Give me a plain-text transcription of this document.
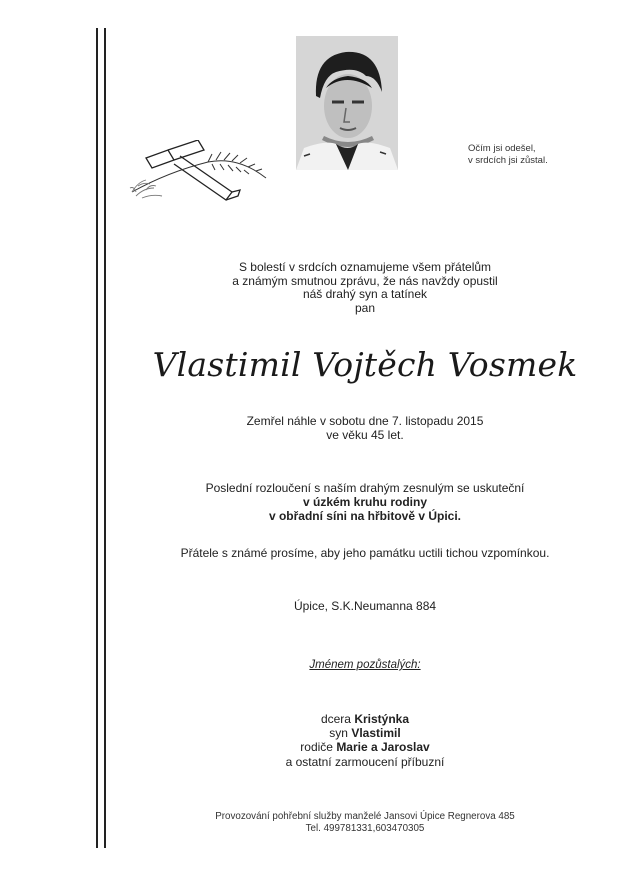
Očím jsi odešel,
v srdcích jsi zůstal.
S bolestí v srdcích oznamujeme všem přátelům
a známým smutnou zprávu, že nás navždy opustil
náš drahý syn a tatínek
pan
Vlastimil Vojtěch Vosmek
Zemřel náhle v sobotu dne 7. listopadu 2015
ve věku 45 let.
Poslední rozloučení s naším drahým zesnulým se uskuteční
v úzkém kruhu rodiny
v obřadní síni na hřbitově v Úpici.
Přátele s známé prosíme, aby jeho památku uctili tichou vzpomínkou.
Úpice, S.K.Neumanna 884
Jménem pozůstalých:
dcera Kristýnka
syn Vlastimil
rodiče Marie a Jaroslav
a ostatní zarmoucení příbuzní
Provozování pohřební služby manželé Jansovi Úpice Regnerova 485
Tel. 499781331,603470305
